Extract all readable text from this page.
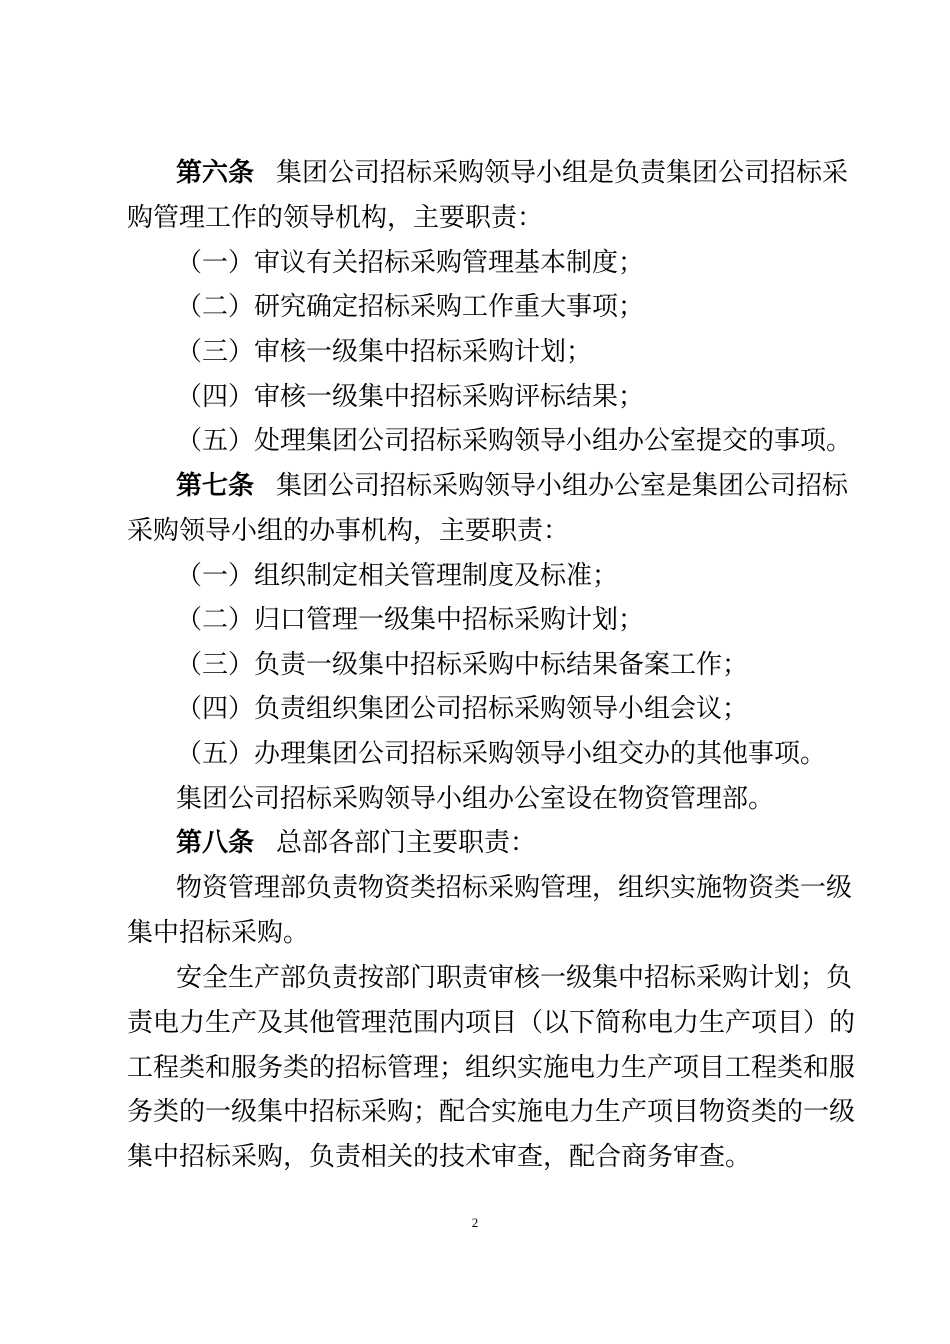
第六条 集团公司招标采购领导小组是负责集团公司招标采
购管理工作的领导机构，主要职责：
（一）审议有关招标采购管理基本制度；
（二）研究确定招标采购工作重大事项；
（三）审核一级集中招标采购计划；
（四）审核一级集中招标采购评标结果；
（五）处理集团公司招标采购领导小组办公室提交的事项。
第七条 集团公司招标采购领导小组办公室是集团公司招标
采购领导小组的办事机构，主要职责：
（一）组织制定相关管理制度及标准；
（二）归口管理一级集中招标采购计划；
（三）负责一级集中招标采购中标结果备案工作；
（四）负责组织集团公司招标采购领导小组会议；
（五）办理集团公司招标采购领导小组交办的其他事项。
集团公司招标采购领导小组办公室设在物资管理部。
第八条 总部各部门主要职责：
物资管理部负责物资类招标采购管理，组织实施物资类一级
集中招标采购。
安全生产部负责按部门职责审核一级集中招标采购计划；负
责电力生产及其他管理范围内项目（以下简称电力生产项目）的
工程类和服务类的招标管理；组织实施电力生产项目工程类和服
务类的一级集中招标采购；配合实施电力生产项目物资类的一级
集中招标采购，负责相关的技术审查，配合商务审查。
2
